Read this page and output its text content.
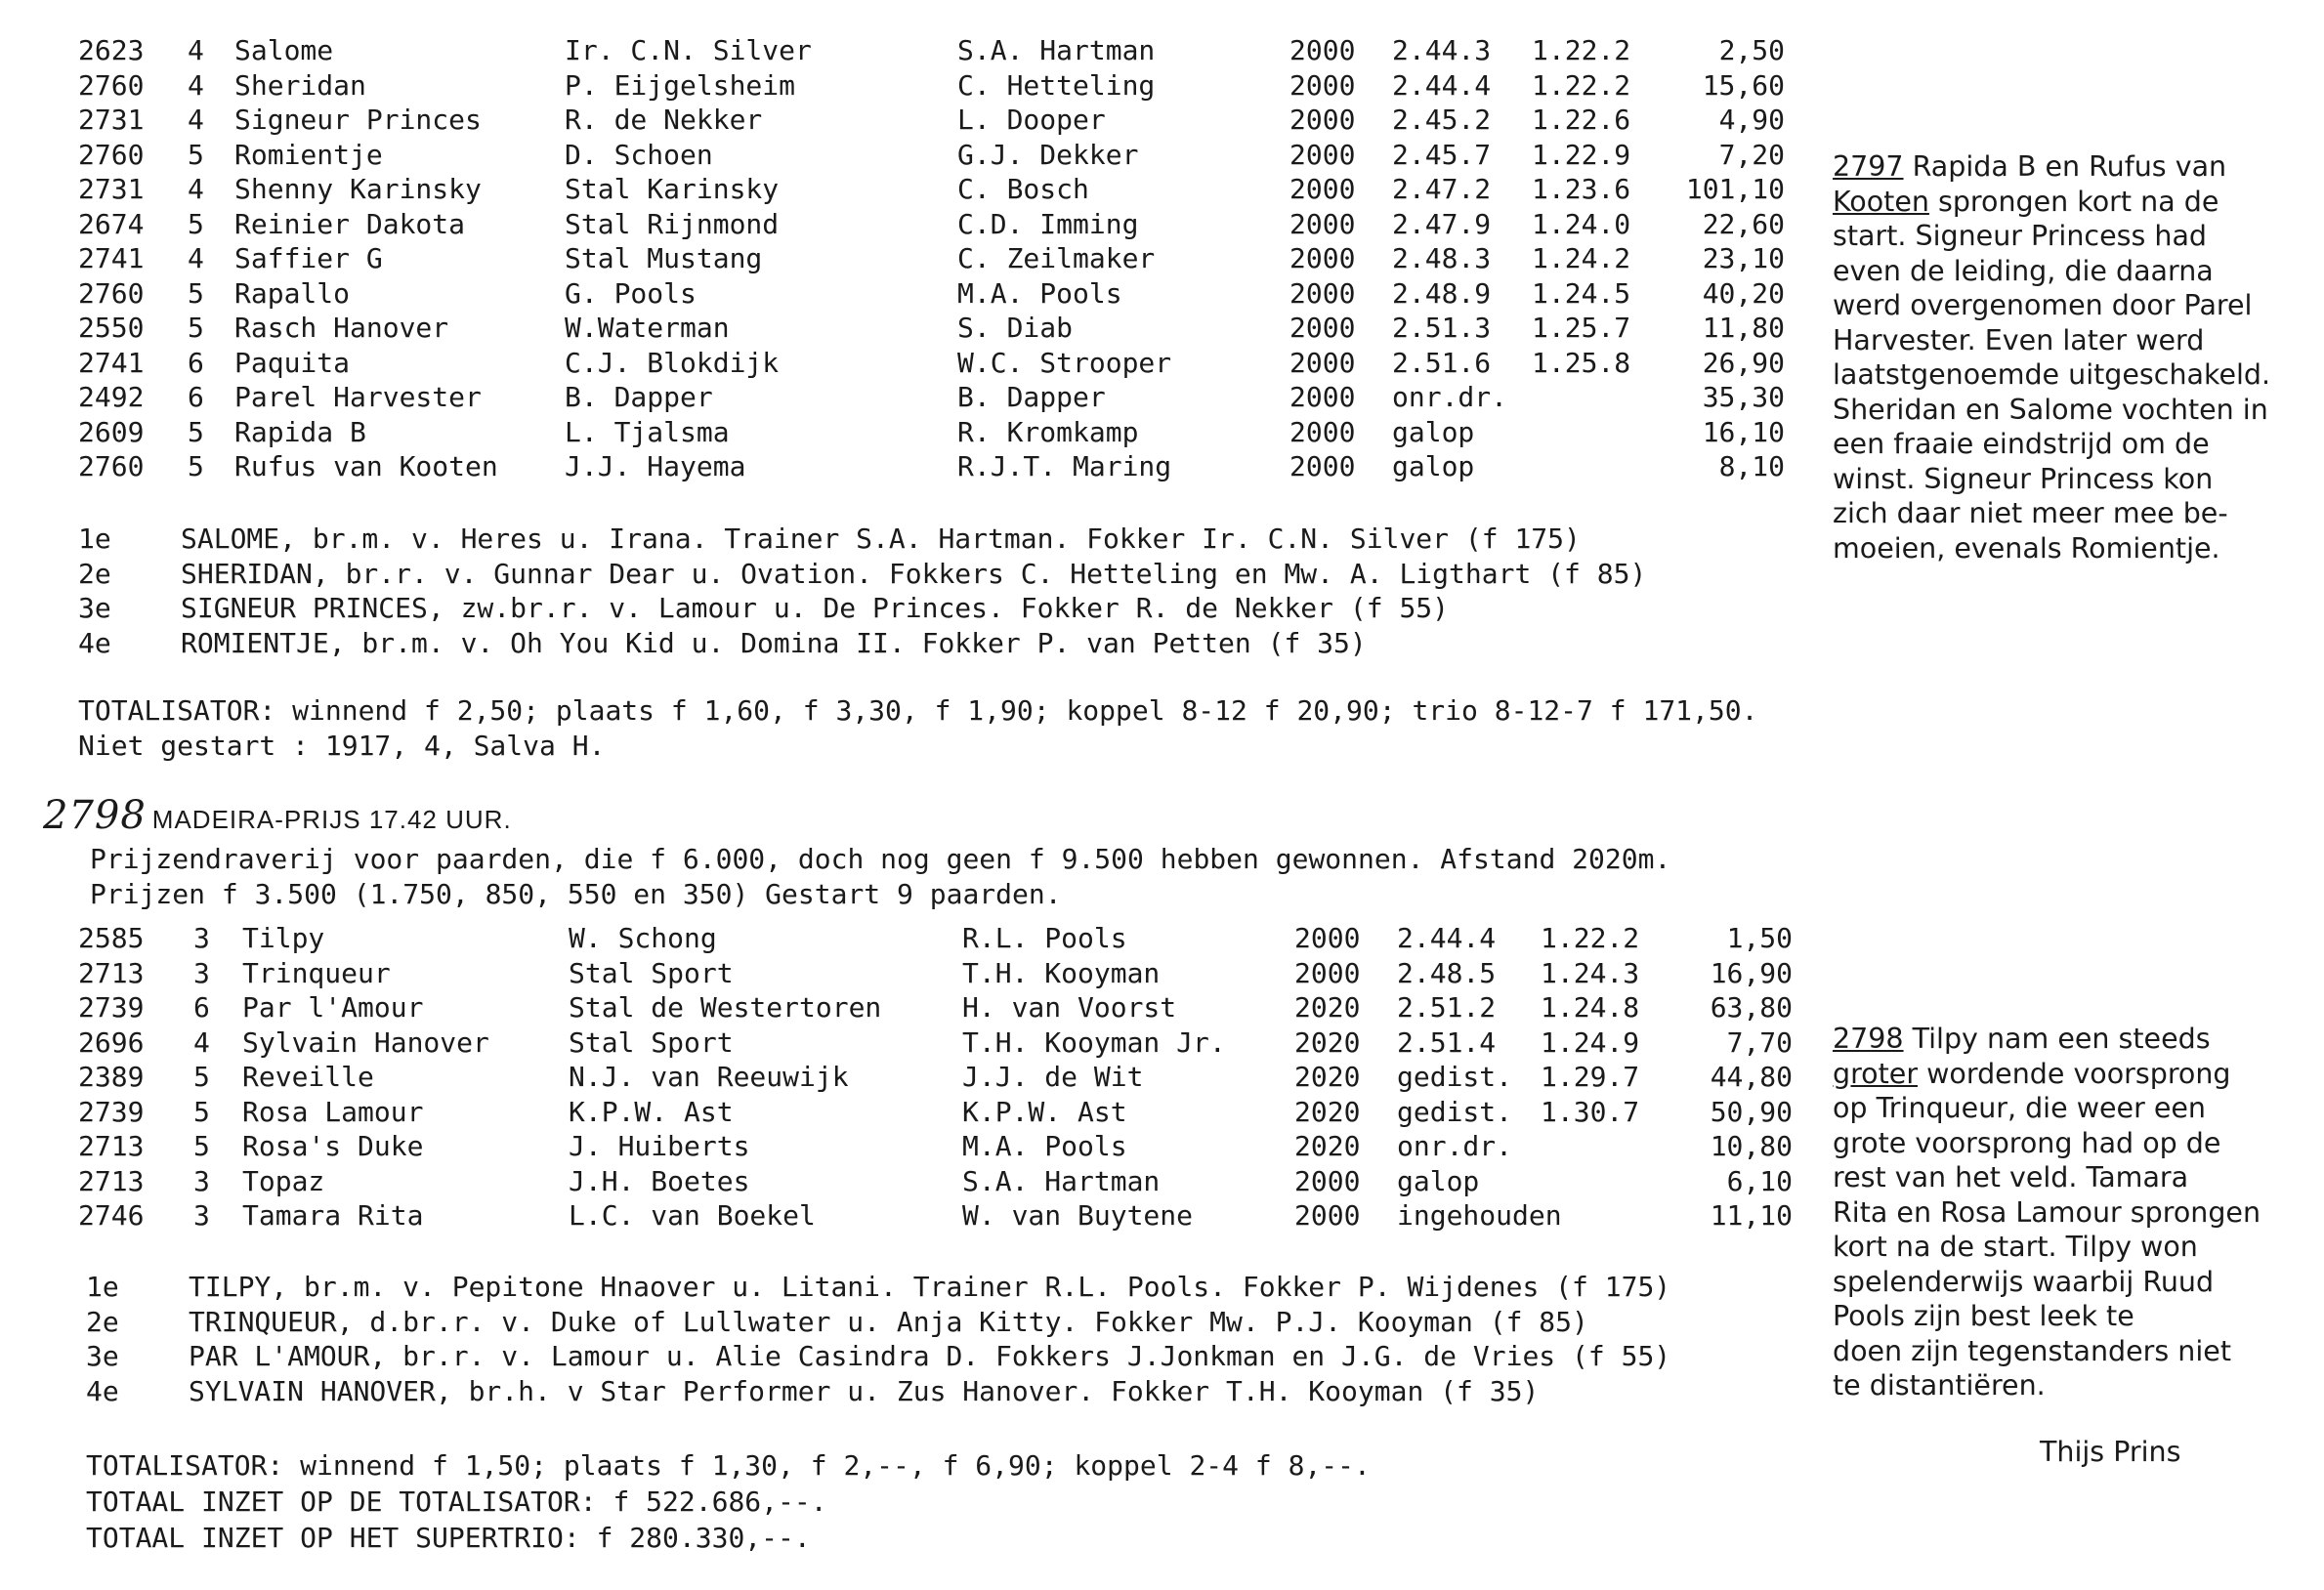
2623 4 Salome	Ir. C.N. Silver	S.A. Hartman	2000 2.44.3 1.22.2	2,50
2760 4 Sheridan	P. Eijgelsheim	C. Hetteling	2000 2.44.4 1.22.2	15,60
2731 4 Signeur Princes	R. de Nekker	L. Dooper	2000 2.45.2 1.22.6	4,90
2760 5 Romientje	D. Schoen	G.J. Dekker	2000 2.45.7 1.22.9	7,20
2731 4 Shenny Karinsky	Stal Karinsky	C. Bosch	2000 2.47.2 1.23.6 101,10
2674 5 Reinier Dakota	Stal Rijnmond	C.D. Imming	2000 2.47.9 1.24.0	22,60
2741 4 Saffier G	Stal Mustang	C. Zeilmaker	2000 2.48.3 1.24.2	23,10
2760 5 Rapallo	G. Pools	M.A. Pools	2000 2.48.9 1.24.5	40,20
2550 5 Rasch Hanover	W.Waterman	S. Diab	2000 2.51.3 1.25.7	11,80
2741 6 Paquita	C.J. Blokdijk	W.C. Strooper	2000 2.51.6 1.25.8	26,90
2492 6 Parel Harvester	B. Dapper	B. Dapper	2000 onr.dr.	35,30
2609 5 Rapida B	L. Tjalsma	R. Kromkamp	2000 galop	16,10
2760 5 Rufus van Kooten J.J. Hayema	R.J.T. Maring	2000 galop	8,10
1e	SALOME, br.m. v. Heres u. Irana. Trainer S.A. Hartman. Fokker Ir. C.N. Silver (f 175)
2e	SHERIDAN, br.r. v. Gunnar Dear u. Ovation. Fokkers C. Hetteling en Mw. A. Ligthart (f 85)
3e	SIGNEUR PRINCES, zw.br.r. v. Lamour u. De Princes. Fokker R. de Nekker (f 55)
4e	ROMIENTJE, br.m. v. Oh You Kid u. Domina II. Fokker P. van Petten (f 35)
TOTALISATOR: winnend f 2,50; plaats f 1,60, f 3,30, f 1,90; koppel 8-12 f 20,90; trio 8-12-7 f 171,50.
Niet gestart : 1917, 4, Salva H.
2797 Rapida B en Rufus van
Kooten sprongen kort na de
start. Signeur Princess had
even de leiding, die daarna
werd overgenomen door Parel
Harvester. Even later werd
laatstgenoemde uitgeschakeld.
Sheridan en Salome vochten in
een fraaie eindstrijd om de
winst. Signeur Princess kon
zich daar niet meer mee be-
moeien, evenals Romientje.
2798 MADEIRA-PRIJS 17.42 UUR.
Prijzendraverij voor paarden, die f 6.000, doch nog geen f 9.500 hebben gewonnen. Afstand 2020m.
Prijzen f 3.500 (1.750, 850, 550 en 350) Gestart 9 paarden.
2585 3 Tilpy	W. Schong	R.L. Pools	2000 2.44.4 1.22.2	1,50
2713 3 Trinqueur	Stal Sport	T.H. Kooyman	2000 2.48.5 1.24.3	16,90
2739 6 Par l'Amour	Stal de Westertoren	H. van Voorst	2020 2.51.2 1.24.8	63,80
2696 4 Sylvain Hanover	Stal Sport	T.H. Kooyman Jr.	2020 2.51.4 1.24.9	7,70
2389 5 Reveille	N.J. van Reeuwijk	J.J. de Wit	2020 gedist. 1.29.7	44,80
2739 5 Rosa Lamour	K.P.W. Ast	K.P.W. Ast	2020 gedist. 1.30.7	50,90
2713 5 Rosa's Duke	J. Huiberts	M.A. Pools	2020 onr.dr.	10,80
2713 3 Topaz	J.H. Boetes	S.A. Hartman	2000 galop	6,10
2746 3 Tamara Rita	L.C. van Boekel	W. van Buytene	2000 ingehouden	11,10
1e	TILPY, br.m. v. Pepitone Hnaover u. Litani. Trainer R.L. Pools. Fokker P. Wijdenes (f 175)
2e	TRINQUEUR, d.br.r. v. Duke of Lullwater u. Anja Kitty. Fokker Mw. P.J. Kooyman (f 85)
3e	PAR L'AMOUR, br.r. v. Lamour u. Alie Casindra D. Fokkers J.Jonkman en J.G. de Vries (f 55)
4e	SYLVAIN HANOVER, br.h. v Star Performer u. Zus Hanover. Fokker T.H. Kooyman (f 35)
TOTALISATOR: winnend f 1,50; plaats f 1,30, f 2,--, f 6,90; koppel 2-4 f 8,--.
TOTAAL INZET OP DE TOTALISATOR: f 522.686,--.
TOTAAL INZET OP HET SUPERTRIO: f 280.330,--.
2798 Tilpy nam een steeds
groter wordende voorsprong
op Trinqueur, die weer een
grote voorsprong had op de
rest van het veld. Tamara
Rita en Rosa Lamour sprongen
kort na de start. Tilpy won
spelenderwijs waarbij Ruud
Pools zijn best leek te
doen zijn tegenstanders niet
te distantiëren.
Thijs Prins
